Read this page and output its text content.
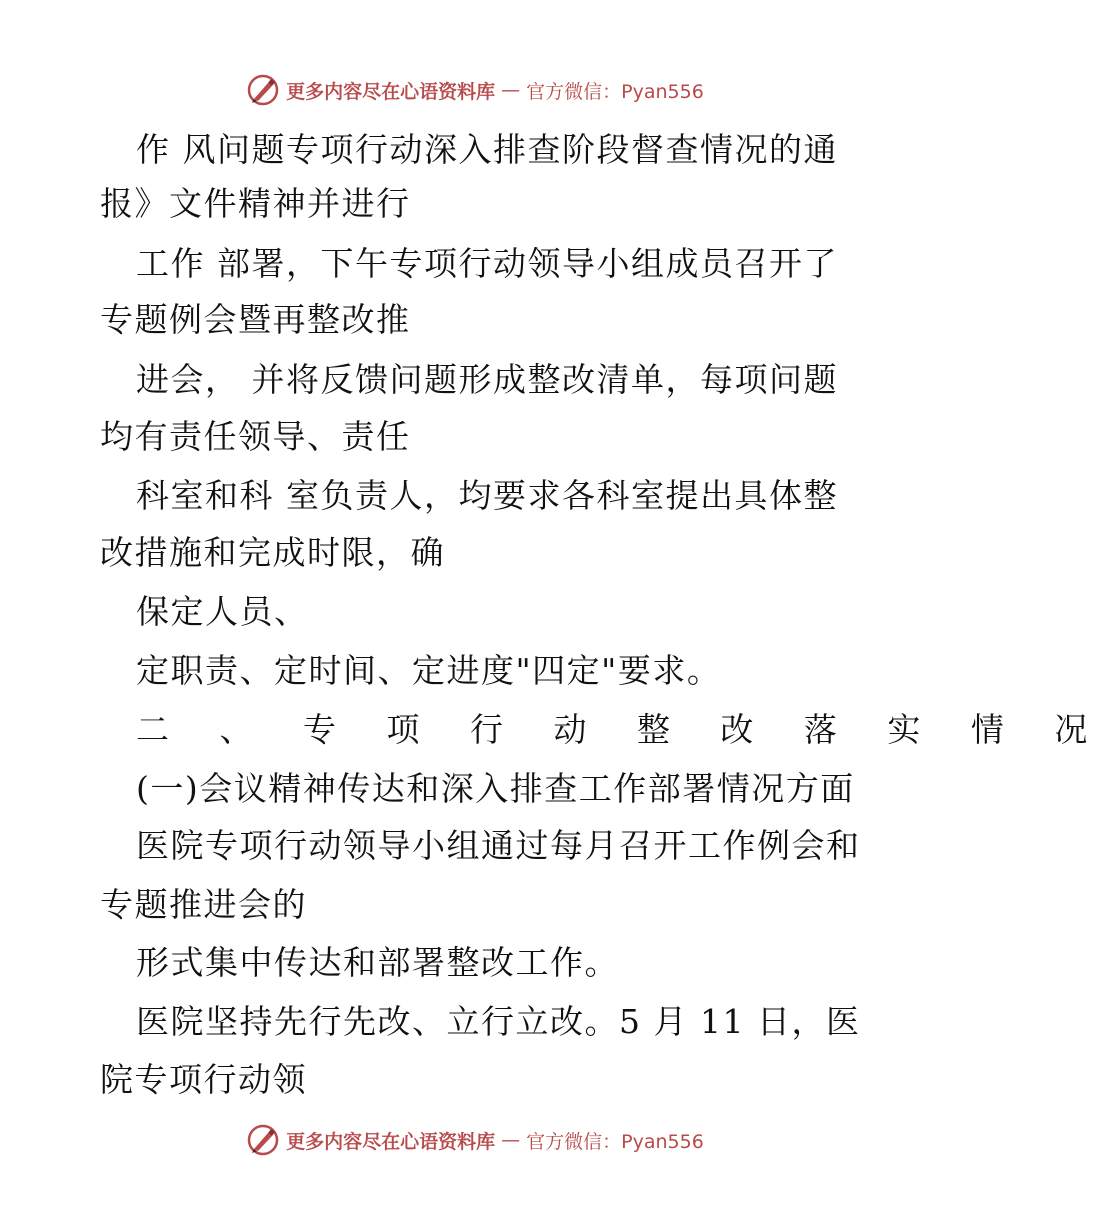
更多内容尽在心语资料库 — 官方微信：Pyan556
作 风问题专项行动深入排查阶段督查情况的通
报》文件精神并进行
工作 部署，下午专项行动领导小组成员召开了
专题例会暨再整改推
进会， 并将反馈问题形成整改清单，每项问题
均有责任领导、责任
科室和科 室负责人，均要求各科室提出具体整
改措施和完成时限，确
保定人员、
定职责、定时间、定进度"四定"要求。
二 、 专 项 行 动 整 改 落 实 情 况
(一)会议精神传达和深入排查工作部署情况方面
医院专项行动领导小组通过每月召开工作例会和
专题推进会的
形式集中传达和部署整改工作。
医院坚持先行先改、立行立改。5 月 11 日，医
院专项行动领
更多内容尽在心语资料库 — 官方微信：Pyan556
